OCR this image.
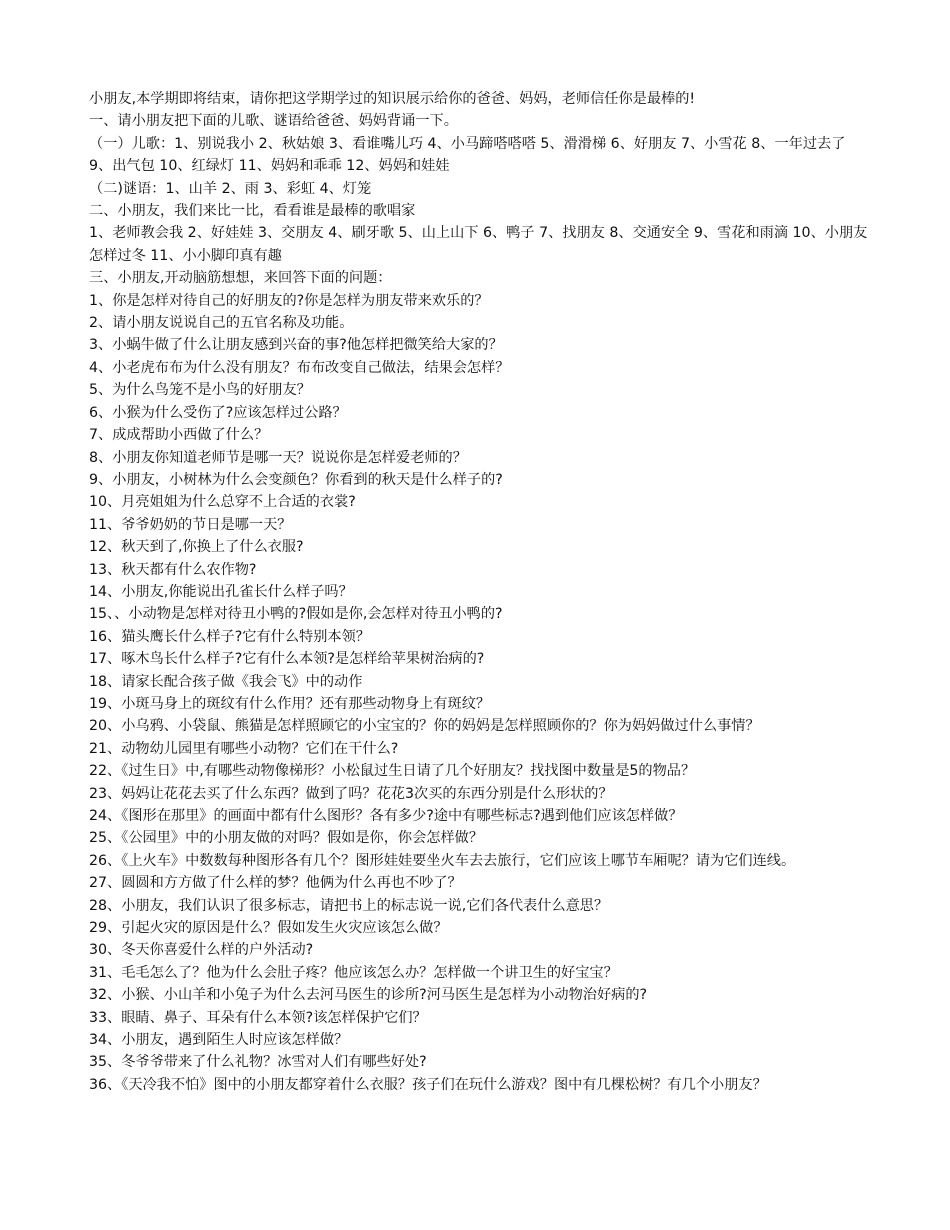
小朋友,本学期即将结束，请你把这学期学过的知识展示给你的爸爸、妈妈，老师信任你是最棒的!

一、请小朋友把下面的儿歌、谜语给爸爸、妈妈背诵一下。

（一）儿歌：1、别说我小 2、秋姑娘 3、看谁嘴儿巧 4、小马蹄嗒嗒嗒 5、滑滑梯 6、好朋友 7、小雪花 8、一年过去了 9、出气包 10、红绿灯 11、妈妈和乖乖 12、妈妈和娃娃

（二)谜语：1、山羊 2、雨 3、彩虹 4、灯笼

二、小朋友，我们来比一比，看看谁是最棒的歌唱家

1、老师教会我 2、好娃娃 3、交朋友 4、刷牙歌 5、山上山下 6、鸭子 7、找朋友 8、交通安全 9、雪花和雨滴 10、小朋友怎样过冬 11、小小脚印真有趣

三、小朋友,开动脑筋想想，来回答下面的问题：

1、你是怎样对待自己的好朋友的?你是怎样为朋友带来欢乐的？

2、请小朋友说说自己的五官名称及功能。

3、小蜗牛做了什么让朋友感到兴奋的事?他怎样把微笑给大家的？

4、小老虎布布为什么没有朋友？布布改变自己做法，结果会怎样？

5、为什么鸟笼不是小鸟的好朋友？

6、小猴为什么受伤了?应该怎样过公路？

7、成成帮助小西做了什么？

8、小朋友你知道老师节是哪一天？说说你是怎样爱老师的？

9、小朋友，小树林为什么会变颜色？你看到的秋天是什么样子的?

10、月亮姐姐为什么总穿不上合适的衣裳?

11、爷爷奶奶的节日是哪一天？

12、秋天到了,你换上了什么衣服?

13、秋天都有什么农作物?

14、小朋友,你能说出孔雀长什么样子吗？

15、、小动物是怎样对待丑小鸭的?假如是你,会怎样对待丑小鸭的?

16、猫头鹰长什么样子?它有什么特别本领？

17、啄木鸟长什么样子?它有什么本领?是怎样给苹果树治病的?

18、请家长配合孩子做《我会飞》中的动作

19、小斑马身上的斑纹有什么作用？还有那些动物身上有斑纹？

20、小乌鸦、小袋鼠、熊猫是怎样照顾它的小宝宝的？你的妈妈是怎样照顾你的？你为妈妈做过什么事情？

21、动物幼儿园里有哪些小动物？它们在干什么?

22、《过生日》中,有哪些动物像梯形？小松鼠过生日请了几个好朋友？找找图中数量是5的物品？

23、妈妈让花花去买了什么东西？做到了吗？花花3次买的东西分别是什么形状的？

24、《图形在那里》的画面中都有什么图形？各有多少?途中有哪些标志?遇到他们应该怎样做？

25、《公园里》中的小朋友做的对吗？假如是你，你会怎样做？

26、《上火车》中数数每种图形各有几个？图形娃娃要坐火车去去旅行，它们应该上哪节车厢呢？请为它们连线。

27、圆圆和方方做了什么样的梦？他俩为什么再也不吵了？

28、小朋友，我们认识了很多标志，请把书上的标志说一说,它们各代表什么意思？

29、引起火灾的原因是什么？假如发生火灾应该怎么做？

30、冬天你喜爱什么样的户外活动?

31、毛毛怎么了？他为什么会肚子疼？他应该怎么办？怎样做一个讲卫生的好宝宝？

32、小猴、小山羊和小兔子为什么去河马医生的诊所?河马医生是怎样为小动物治好病的?

33、眼睛、鼻子、耳朵有什么本领?该怎样保护它们？

34、小朋友，遇到陌生人时应该怎样做？

35、冬爷爷带来了什么礼物？冰雪对人们有哪些好处?

36、《天冷我不怕》图中的小朋友都穿着什么衣服？孩子们在玩什么游戏？图中有几棵松树？有几个小朋友？
